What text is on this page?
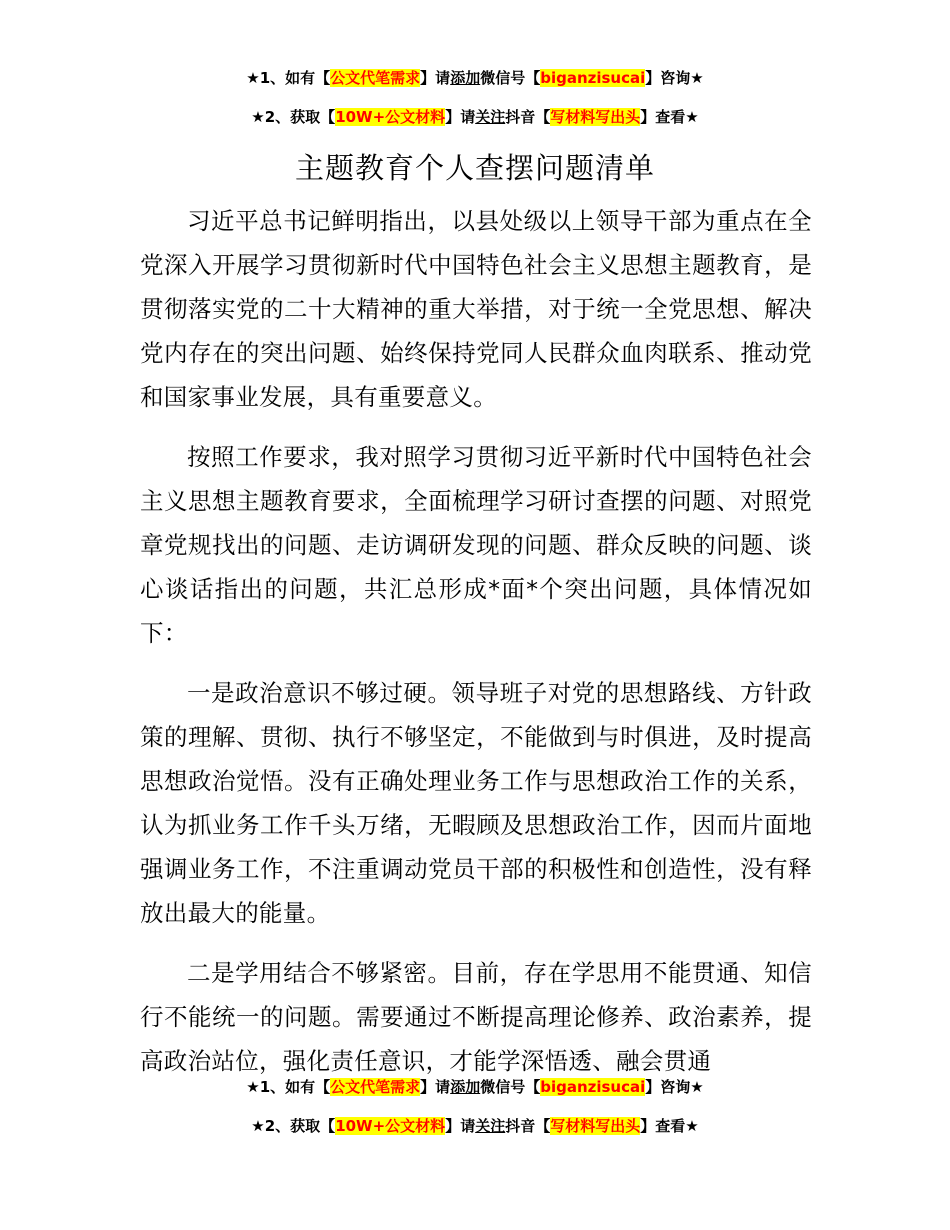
★1、如有【公文代笔需求】请添加微信号【biganzisucai】咨询★
★2、获取【10W+公文材料】请关注抖音【写材料写出头】查看★
主题教育个人查摆问题清单

习近平总书记鲜明指出，以县处级以上领导干部为重点在全党深入开展学习贯彻新时代中国特色社会主义思想主题教育，是贯彻落实党的二十大精神的重大举措，对于统一全党思想、解决党内存在的突出问题、始终保持党同人民群众血肉联系、推动党和国家事业发展，具有重要意义。

按照工作要求，我对照学习贯彻习近平新时代中国特色社会主义思想主题教育要求，全面梳理学习研讨查摆的问题、对照党章党规找出的问题、走访调研发现的问题、群众反映的问题、谈心谈话指出的问题，共汇总形成*面*个突出问题，具体情况如下：

一是政治意识不够过硬。领导班子对党的思想路线、方针政策的理解、贯彻、执行不够坚定，不能做到与时俱进，及时提高思想政治觉悟。没有正确处理业务工作与思想政治工作的关系，认为抓业务工作千头万绪，无暇顾及思想政治工作，因而片面地强调业务工作，不注重调动党员干部的积极性和创造性，没有释放出最大的能量。

二是学用结合不够紧密。目前，存在学思用不能贯通、知信行不能统一的问题。需要通过不断提高理论修养、政治素养，提高政治站位，强化责任意识，才能学深悟透、融会贯通

★1、如有【公文代笔需求】请添加微信号【biganzisucai】咨询★
★2、获取【10W+公文材料】请关注抖音【写材料写出头】查看★
